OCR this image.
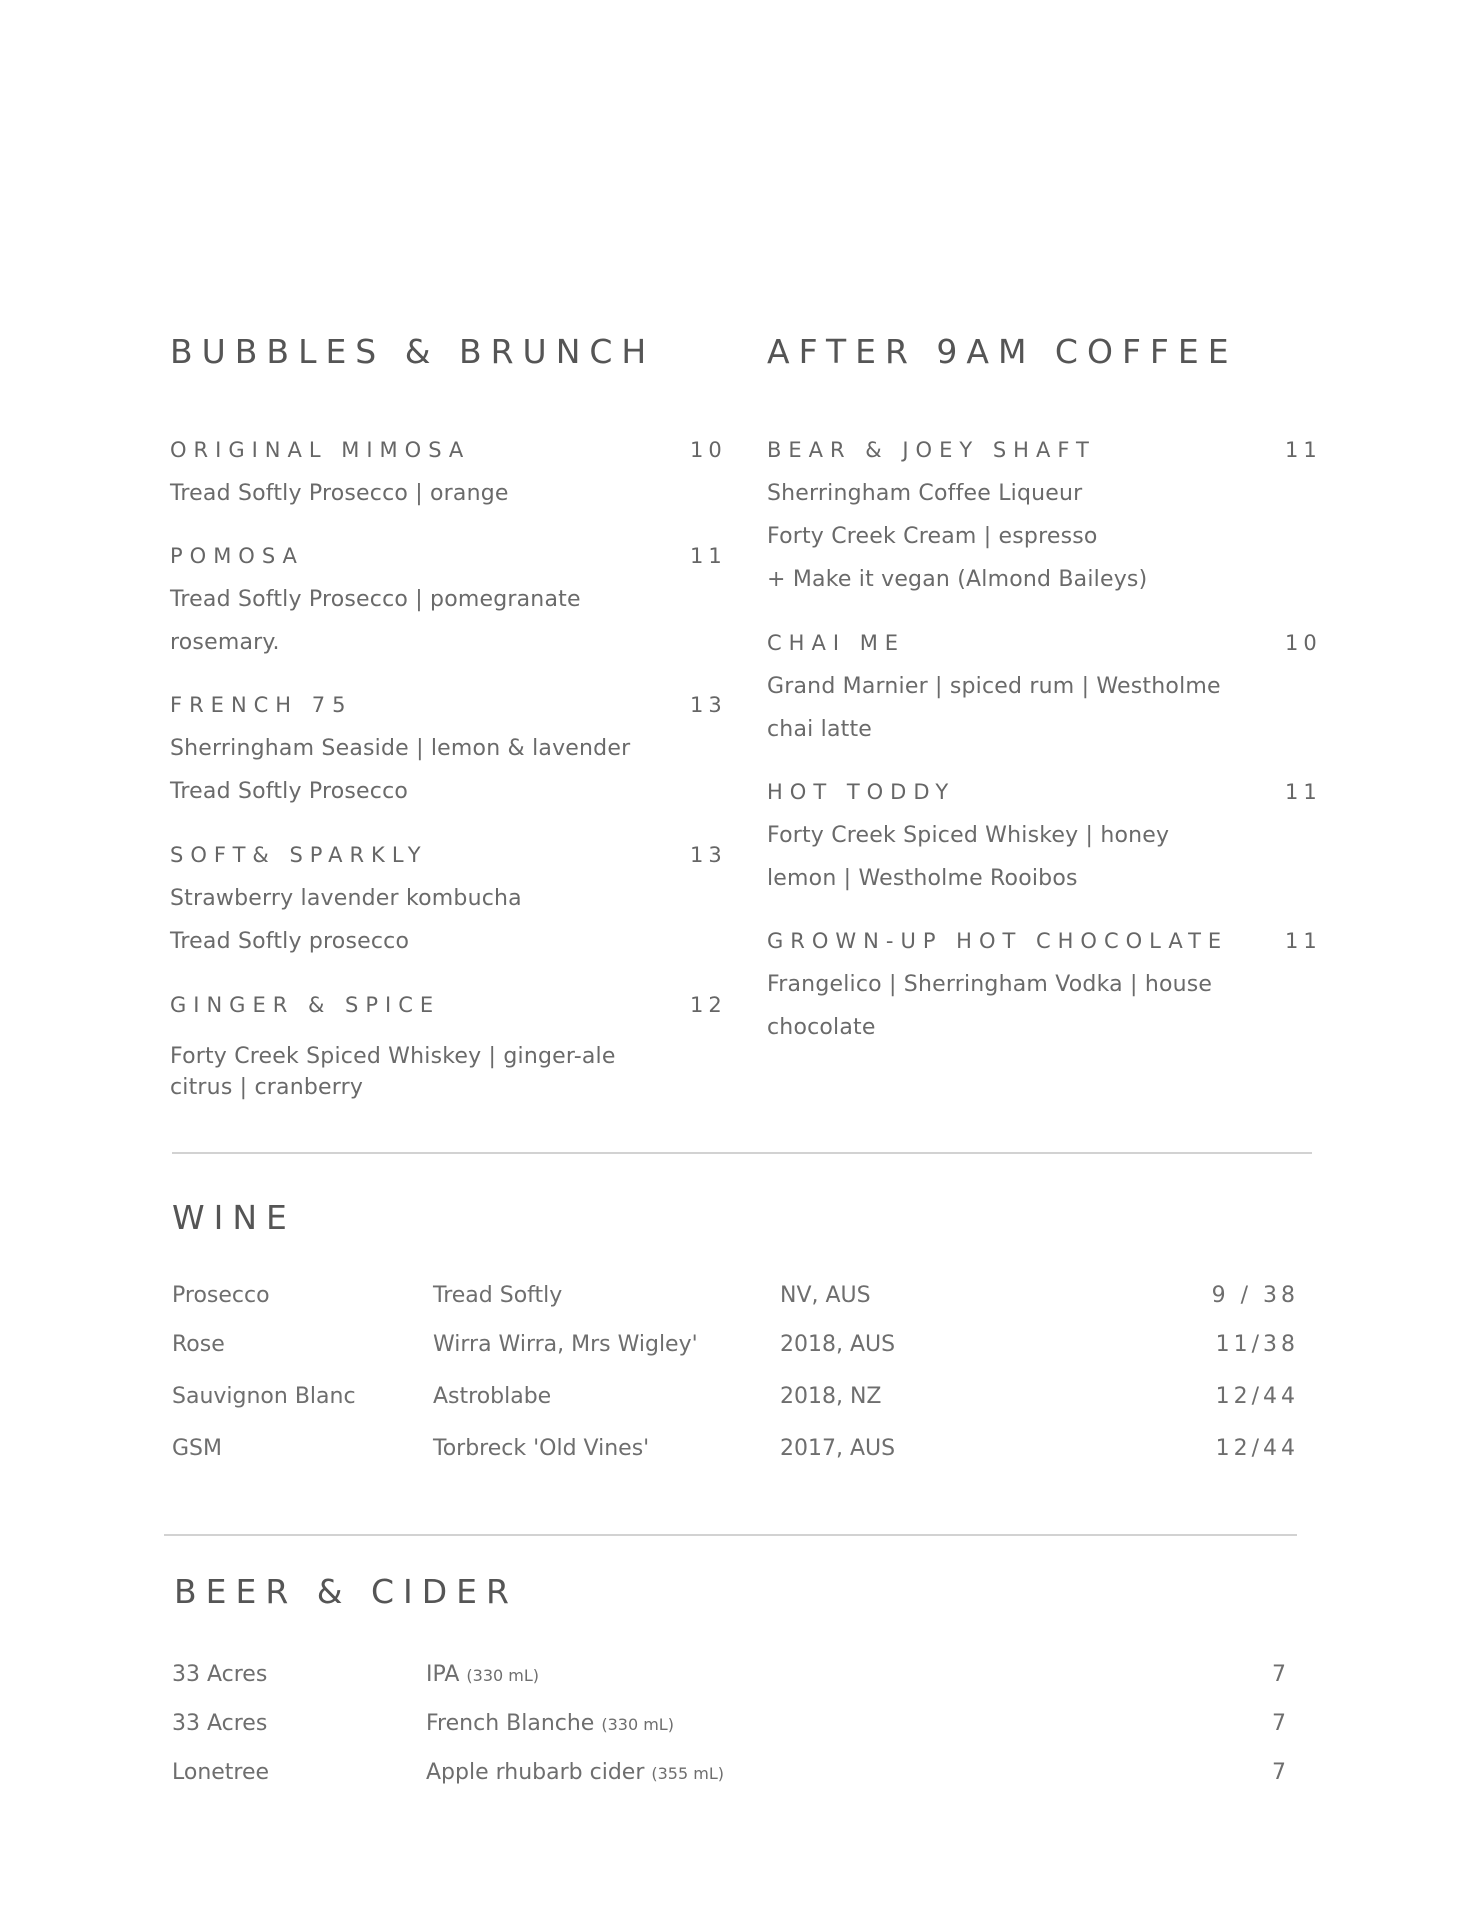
BUBBLES & BRUNCH
ORIGINAL MIMOSA	10
Tread Softly Prosecco | orange
POMOSA	11
Tread Softly Prosecco | pomegranate
rosemary.
FRENCH 75	13
Sherringham Seaside | lemon & lavender
Tread Softly Prosecco
SOFT& SPARKLY	13
Strawberry lavender kombucha
Tread Softly prosecco
GINGER & SPICE	12
Forty Creek Spiced Whiskey | ginger-ale
citrus | cranberry
AFTER 9AM COFFEE
BEAR & JOEY SHAFT	11
Sherringham Coffee Liqueur
Forty Creek Cream | espresso
+ Make it vegan (Almond Baileys)
CHAI ME	10
Grand Marnier | spiced rum | Westholme
chai latte
HOT TODDY	11
Forty Creek Spiced Whiskey | honey
lemon | Westholme Rooibos
GROWN-UP HOT CHOCOLATE	11
Frangelico | Sherringham Vodka | house
chocolate
WINE
Prosecco	Tread Softly	NV, AUS	9 / 38
Rose	Wirra Wirra, Mrs Wigley'	2018, AUS	11/38
Sauvignon Blanc	Astroblabe	2018, NZ	12/44
GSM	Torbreck 'Old Vines'	2017, AUS	12/44
BEER & CIDER
33 Acres	IPA (330 mL)	7
33 Acres	French Blanche (330 mL)	7
Lonetree	Apple rhubarb cider (355 mL)	7
